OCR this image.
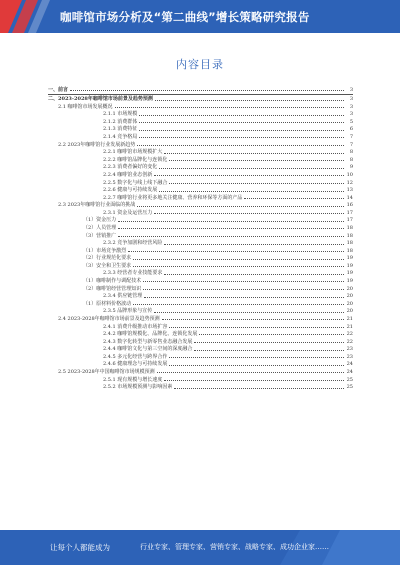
咖啡馆市场分析及“第二曲线”增长策略研究报告
内容目录
一、前言	3
二、2023-2028年咖啡馆市场前景及趋势预测	3
2.1 咖啡馆市场发展概况	3
2.1.1 市场规模	3
2.1.2 消费群体	5
2.1.3 消费特征	6
2.1.4 竞争格局	7
2.2 2023年咖啡馆行业发展新趋势	7
2.2.1 咖啡馆市场规模扩大	8
2.2.2 咖啡馆品牌化与连锁化	8
2.2.3 消费者偏好的变化	9
2.2.4 咖啡馆业态创新	10
2.2.5 数字化与线上线下融合	12
2.2.6 健康与可持续发展	13
2.2.7 咖啡馆行业将更多地关注健康、营养和环保等方面的产品	14
2.3 2023年咖啡馆行业面临的挑战	16
2.3.1 资金及运营压力	17
（1）资金压力	17
（2）人员管理	18
（3）营销推广	18
2.3.2 竞争加剧和经营风险	18
（1）市场竞争激烈	18
（2）行业规范化要求	19
（3）安全和卫生要求	19
2.3.3 经营者专业技能要求	19
（1）咖啡制作与调配技术	19
（2）咖啡馆经营管理知识	20
2.3.4 供应链管理	20
（1）原材料价格波动	20
2.3.5 品牌形象与宣传	20
2.4 2023-2028年咖啡馆市场前景及趋势预测	21
2.4.1 消费升级推动市场扩容	21
2.4.2 咖啡馆规模化、品牌化、连锁化发展	22
2.4.3 数字化转型与新零售业态融合发展	22
2.4.4 咖啡馆文化与第三空间的深度融合	23
2.4.5 多元化经营与跨界合作	23
2.4.6 健康理念与可持续发展	24
2.5 2023-2028年中国咖啡馆市场规模预测	24
2.5.1 现有规模与增长速度	25
2.5.2 市场规模预测与影响因素	25
让每个人都能成为	行业专家、管理专家、营销专家、战略专家、成功企业家……
